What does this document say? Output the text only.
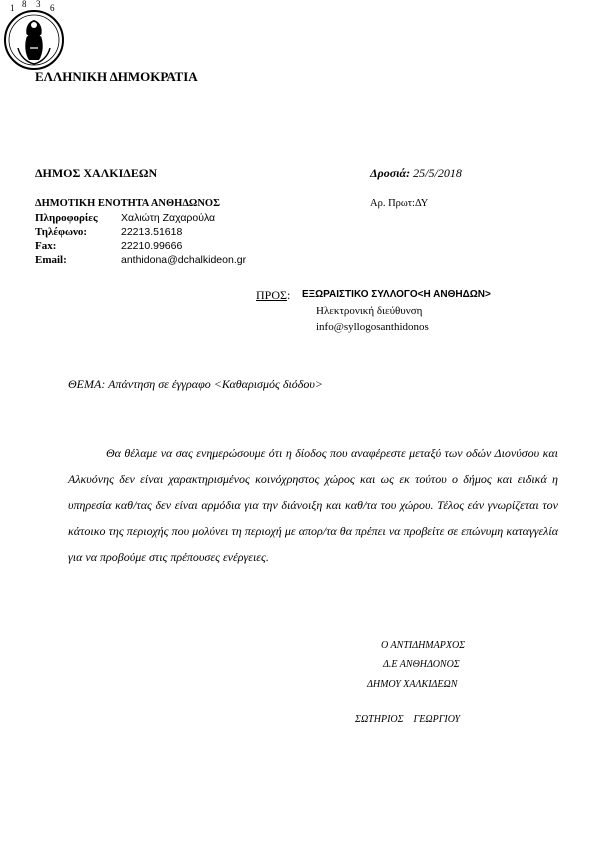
ΕΛΛΗΝΙΚΗ ΔΗΜΟΚΡΑΤΙΑ
1 8 3 6
ΔΗΜΟΣ ΧΑΛΚΙΔΕΩΝ	Δροσιά: 25/5/2018
ΔΗΜΟΤΙΚΗ ΕΝΟΤΗΤΑ ΑΝΘΗΔΩΝΟΣ	Αρ. Πρωτ:ΔΥ
Πληροφορίες Χαλιώτη Ζαχαρούλα
Τηλέφωνο:	22213.51618
Fax:	22210.99666
Email:	anthidona@dchalkideon.gr
ΠΡΟΣ: ΕΞΩΡΑΙΣΤΙΚΟ ΣΥΛΛΟΓΟ<Η ΑΝΘΗΔΩΝ>
Ηλεκτρονική διεύθυνση
info@syllogosanthidonos
ΘΕΜΑ: Απάντηση σε έγγραφο <Καθαρισμός διόδου>
Θα θέλαμε να σας ενημερώσουμε ότι η δίοδος που αναφέρεστε μεταξύ των οδών Διονύσου και Αλκυόνης δεν είναι χαρακτηρισμένος κοινόχρηστος χώρος και ως εκ τούτου ο δήμος και ειδικά η υπηρεσία καθ/τας δεν είναι αρμόδια για την διάνοιξη και καθ/τα του χώρου. Τέλος εάν γνωρίζεται τον κάτοικο της περιοχής που μολύνει τη περιοχή με απορ/τα θα πρέπει να προβείτε σε επώνυμη καταγγελία για να προβούμε στις πρέπουσες ενέργειες.
Ο ΑΝΤΙΔΗΜΑΡΧΟΣ
Δ.Ε ΑΝΘΗΔΟΝΟΣ
ΔΗΜΟΥ ΧΑΛΚΙΔΕΩΝ
ΣΩΤΗΡΙΟΣ    ΓΕΩΡΓΙΟΥ
